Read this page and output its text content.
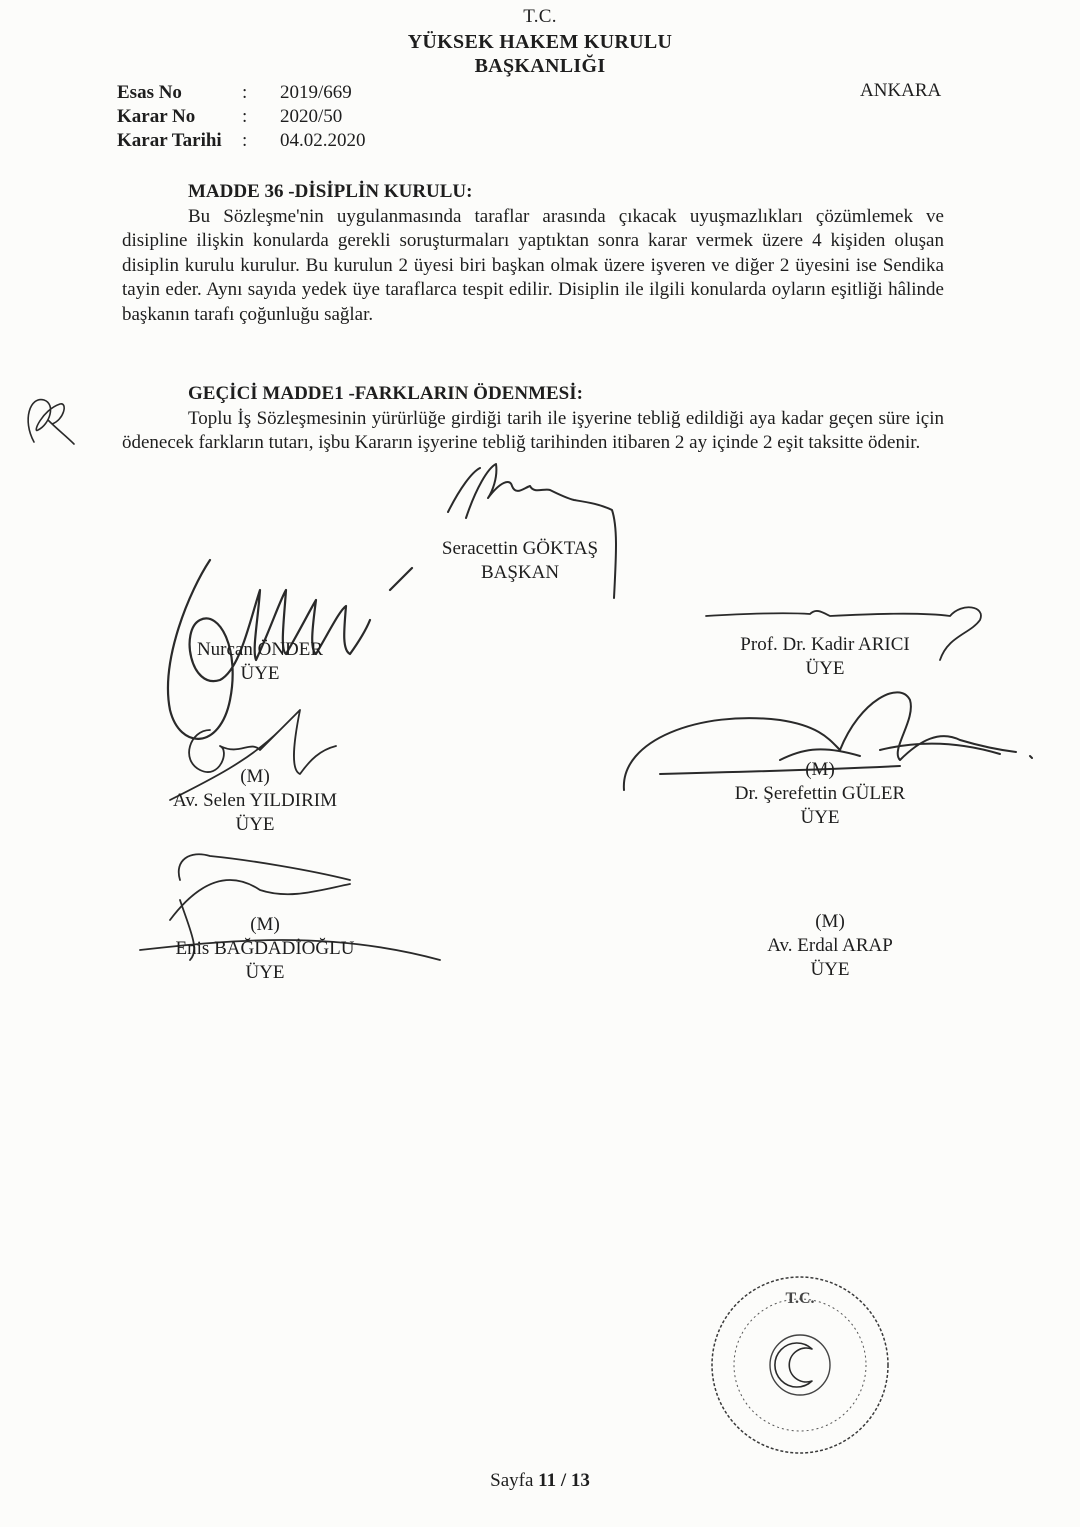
T.C.
YÜKSEK HAKEM KURULU
BAŞKANLIĞI
Esas No	: 2019/669
Karar No : 2020/50
Karar Tarihi : 04.02.2020
ANKARA
MADDE 36 -DİSİPLİN KURULU:

Bu Sözleşme'nin uygulanmasında taraflar arasında çıkacak uyuşmazlıkları çözümlemek ve disipline ilişkin konularda gerekli soruşturmaları yaptıktan sonra karar vermek üzere 4 kişiden oluşan disiplin kurulu kurulur. Bu kurulun 2 üyesi biri başkan olmak üzere işveren ve diğer 2 üyesini ise Sendika tayin eder. Aynı sayıda yedek üye taraflarca tespit edilir. Disiplin ile ilgili konularda oyların eşitliği hâlinde başkanın tarafı çoğunluğu sağlar.

GEÇİCİ MADDE1 -FARKLARIN ÖDENMESİ:

Toplu İş Sözleşmesinin yürürlüğe girdiği tarih ile işyerine tebliğ edildiği aya kadar geçen süre için ödenecek farkların tutarı, işbu Kararın işyerine tebliğ tarihinden itibaren 2 ay içinde 2 eşit taksitte ödenir.

Seracettin GÖKTAŞ
BAŞKAN
Nurcan ÖNDER
ÜYE
Prof. Dr. Kadir ARICI
ÜYE
(M)
Av. Selen YILDIRIM
ÜYE
(M)
Dr. Şerefettin GÜLER
ÜYE
(M)
Enis BAĞDADİOĞLU
ÜYE
(M)
Av. Erdal ARAP
ÜYE
T.C.
Sayfa 11 / 13
